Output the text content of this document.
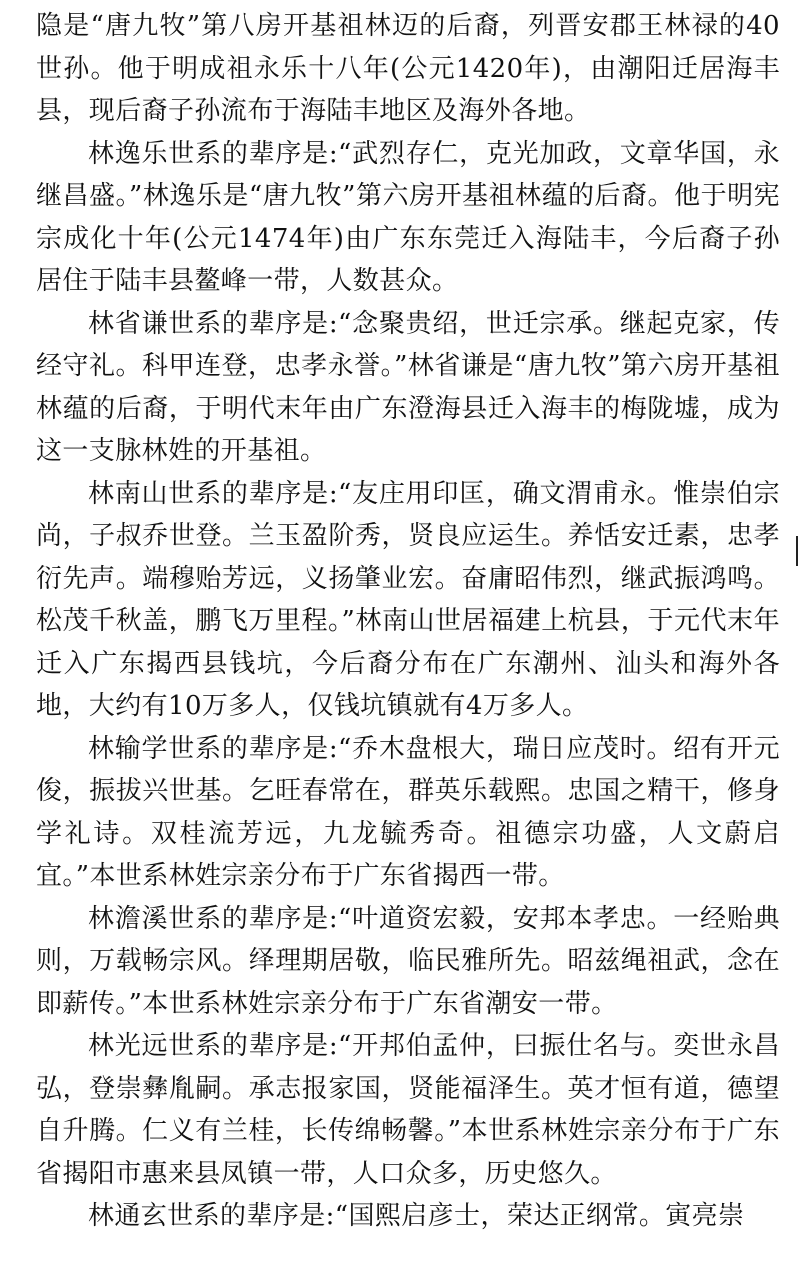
隐是“唐九牧”第八房开基祖林迈的后裔，列晋安郡王林禄的40世孙。他于明成祖永乐十八年(公元1420年)，由潮阳迁居海丰县，现后裔子孙流布于海陆丰地区及海外各地。

林逸乐世系的辈序是:“武烈存仁，克光加政，文章华国，永继昌盛。”林逸乐是“唐九牧”第六房开基祖林蕴的后裔。他于明宪宗成化十年(公元1474年)由广东东莞迁入海陆丰，今后裔子孙居住于陆丰县鳌峰一带，人数甚众。

林省谦世系的辈序是:“念聚贵绍，世迁宗承。继起克家，传经守礼。科甲连登，忠孝永誉。”林省谦是“唐九牧”第六房开基祖林蕴的后裔，于明代末年由广东澄海县迁入海丰的梅陇墟，成为这一支脉林姓的开基祖。

林南山世系的辈序是:“友庄用印匡，确文渭甫永。惟崇伯宗尚，子叔乔世登。兰玉盈阶秀，贤良应运生。养恬安迁素，忠孝衍先声。端穆贻芳远，义扬肇业宏。奋庸昭伟烈，继武振鸿鸣。松茂千秋盖，鹏飞万里程。”林南山世居福建上杭县，于元代末年迁入广东揭西县钱坑，今后裔分布在广东潮州、汕头和海外各地，大约有10万多人，仅钱坑镇就有4万多人。

林输学世系的辈序是:“乔木盘根大，瑞日应茂时。绍有开元俊，振拔兴世基。乞旺春常在，群英乐载熙。忠国之精干，修身学礼诗。双桂流芳远，九龙毓秀奇。祖德宗功盛，人文蔚启宜。”本世系林姓宗亲分布于广东省揭西一带。

林澹溪世系的辈序是:“叶道资宏毅，安邦本孝忠。一经贻典则，万载畅宗风。绎理期居敬，临民雅所先。昭兹绳祖武，念在即薪传。”本世系林姓宗亲分布于广东省潮安一带。

林光远世系的辈序是:“开邦伯孟仲，曰振仕名与。奕世永昌弘，登崇彝胤嗣。承志报家国，贤能福泽生。英才恒有道，德望自升腾。仁义有兰桂，长传绵畅馨。”本世系林姓宗亲分布于广东省揭阳市惠来县凤镇一带，人口众多，历史悠久。

林通玄世系的辈序是:“国熙启彦士，荣达正纲常。寅亮崇
